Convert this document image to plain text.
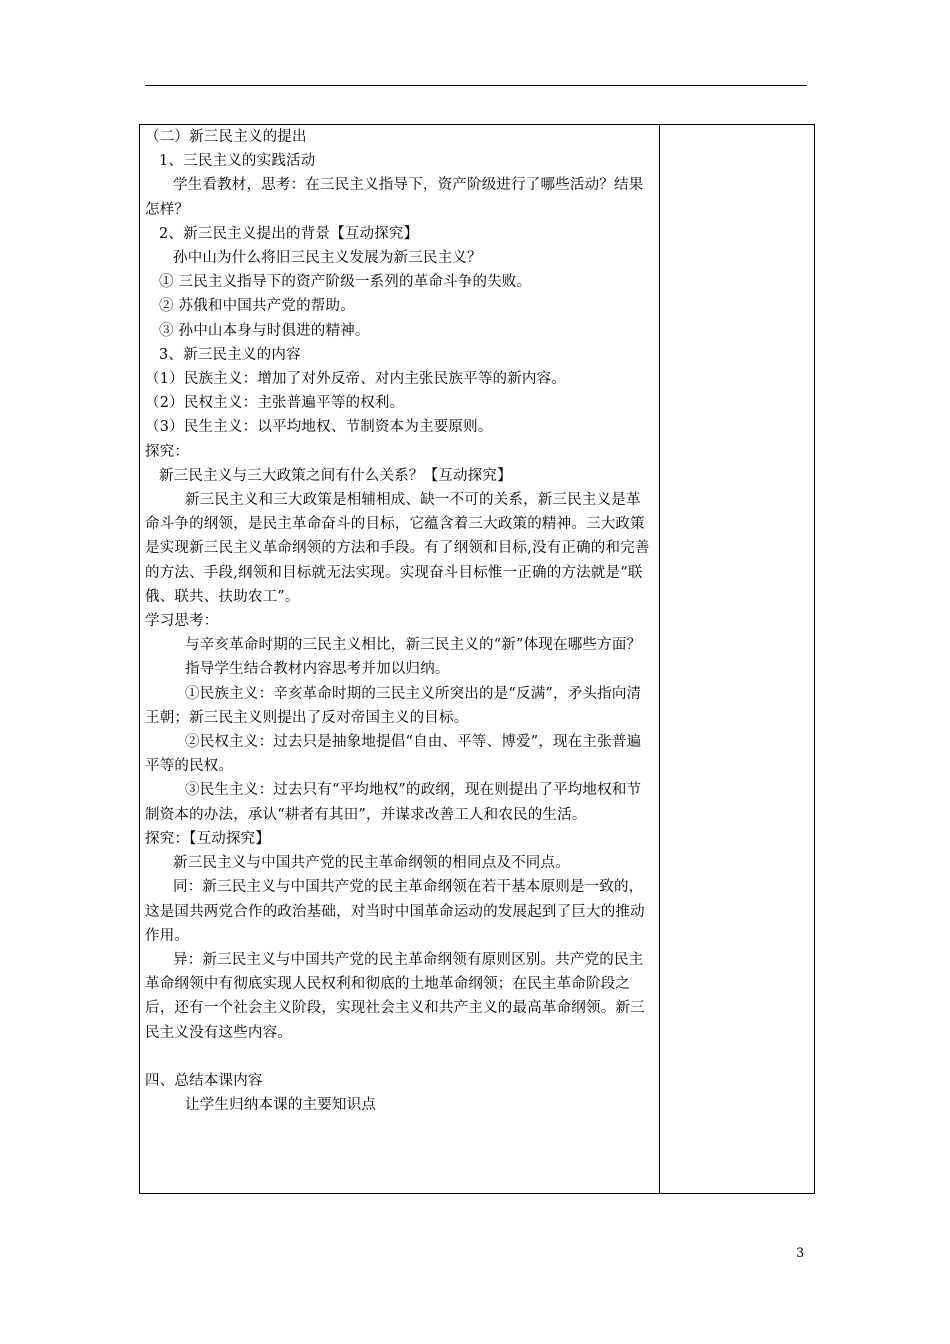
（二）新三民主义的提出

1、三民主义的实践活动

学生看教材，思考：在三民主义指导下，资产阶级进行了哪些活动？结果怎样？

2、新三民主义提出的背景【互动探究】

孙中山为什么将旧三民主义发展为新三民主义？

① 三民主义指导下的资产阶级一系列的革命斗争的失败。

② 苏俄和中国共产党的帮助。

③ 孙中山本身与时俱进的精神。

3、新三民主义的内容

（1）民族主义：增加了对外反帝、对内主张民族平等的新内容。

（2）民权主义：主张普遍平等的权利。

（3）民生主义：以平均地权、节制资本为主要原则。

探究：

新三民主义与三大政策之间有什么关系？【互动探究】

新三民主义和三大政策是相辅相成、缺一不可的关系，新三民主义是革命斗争的纲领，是民主革命奋斗的目标，它蕴含着三大政策的精神。三大政策是实现新三民主义革命纲领的方法和手段。有了纲领和目标,没有正确的和完善的方法、手段,纲领和目标就无法实现。实现奋斗目标惟一正确的方法就是“联俄、联共、扶助农工”。

学习思考：

与辛亥革命时期的三民主义相比，新三民主义的“新”体现在哪些方面？

指导学生结合教材内容思考并加以归纳。

①民族主义：辛亥革命时期的三民主义所突出的是“反满”，矛头指向清王朝；新三民主义则提出了反对帝国主义的目标。

②民权主义：过去只是抽象地提倡“自由、平等、博爱”，现在主张普遍平等的民权。

③民生主义：过去只有“平均地权”的政纲，现在则提出了平均地权和节制资本的办法，承认“耕者有其田”，并谋求改善工人和农民的生活。

探究：【互动探究】

新三民主义与中国共产党的民主革命纲领的相同点及不同点。

同：新三民主义与中国共产党的民主革命纲领在若干基本原则是一致的，这是国共两党合作的政治基础，对当时中国革命运动的发展起到了巨大的推动作用。

异：新三民主义与中国共产党的民主革命纲领有原则区别。共产党的民主革命纲领中有彻底实现人民权利和彻底的土地革命纲领；在民主革命阶段之后，还有一个社会主义阶段，实现社会主义和共产主义的最高革命纲领。新三民主义没有这些内容。

四、总结本课内容

让学生归纳本课的主要知识点

3
